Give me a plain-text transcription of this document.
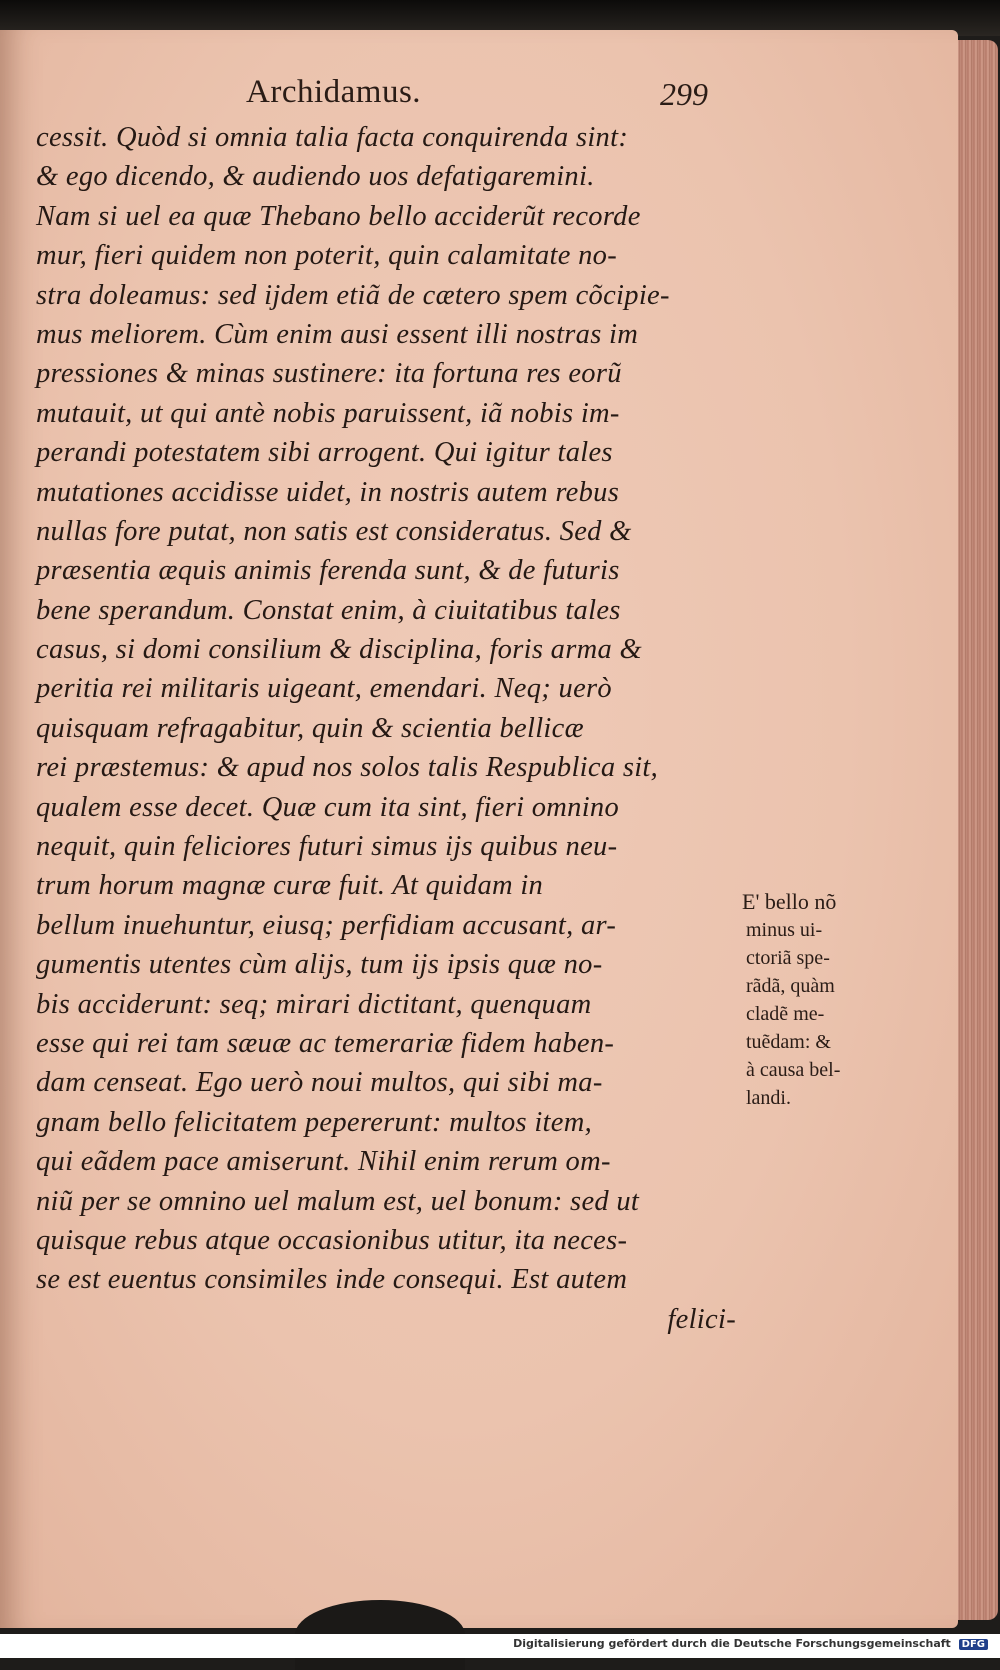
Archidamus.	299
cessit. Quòd si omnia talia facta conquirenda sint:
& ego dicendo, & audiendo uos defatigaremini.
Nam si uel ea quæ Thebano bello acciderũt recorde
mur, fieri quidem non poterit, quin calamitate no-
stra doleamus: sed ijdem etiã de cætero spem cõcipie-
mus meliorem. Cùm enim ausi essent illi nostras im
pressiones & minas sustinere: ita fortuna res eorũ
mutauit, ut qui antè nobis paruissent, iã nobis im-
perandi potestatem sibi arrogent. Qui igitur tales
mutationes accidisse uidet, in nostris autem rebus
nullas fore putat, non satis est consideratus. Sed &
præsentia æquis animis ferenda sunt, & de futuris
bene sperandum. Constat enim, à ciuitatibus tales
casus, si domi consilium & disciplina, foris arma &
peritia rei militaris uigeant, emendari. Neq; uerò
quisquam refragabitur, quin & scientia bellicæ
rei præstemus: & apud nos solos talis Respublica sit,
qualem esse decet. Quæ cum ita sint, fieri omnino
nequit, quin feliciores futuri simus ijs quibus neu-
trum horum magnæ curæ fuit. At quidam in
bellum inuehuntur, eiusq; perfidiam accusant, ar-
gumentis utentes cùm alijs, tum ijs ipsis quæ no-
bis acciderunt: seq; mirari dictitant, quenquam
esse qui rei tam sæuæ ac temerariæ fidem haben-
dam censeat. Ego uerò noui multos, qui sibi ma-
gnam bello felicitatem pepererunt: multos item,
qui eãdem pace amiserunt. Nihil enim rerum om-
niũ per se omnino uel malum est, uel bonum: sed ut
quisque rebus atque occasionibus utitur, ita neces-
se est euentus consimiles inde consequi. Est autem
felici-
E' bello nõ
minus ui-
ctoriã spe-
rãdã, quàm
cladẽ me-
tuẽdam: &
à causa bel-
landi.
Digitalisierung gefördert durch die Deutsche Forschungsgemeinschaft DFG
